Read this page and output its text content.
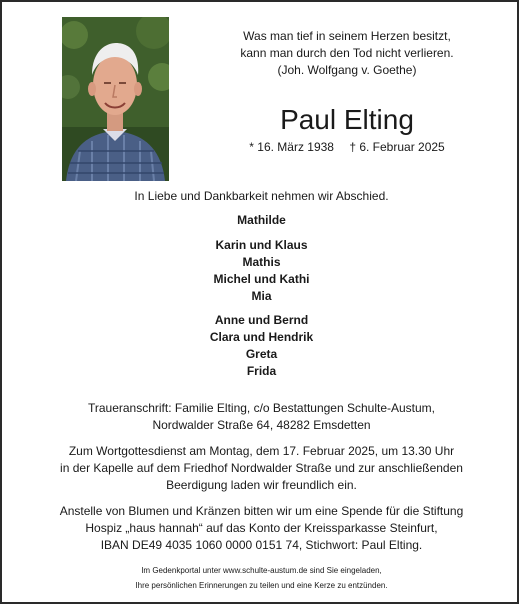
Was man tief in seinem Herzen besitzt,
kann man durch den Tod nicht verlieren.
(Joh. Wolfgang v. Goethe)
Paul Elting
* 16. März 1938 † 6. Februar 2025
In Liebe und Dankbarkeit nehmen wir Abschied.
Mathilde
Karin und Klaus
Mathis
Michel und Kathi
Mia
Anne und Bernd
Clara und Hendrik
Greta
Frida
Traueranschrift: Familie Elting, c/o Bestattungen Schulte-Austum,
Nordwalder Straße 64, 48282 Emsdetten
Zum Wortgottesdienst am Montag, dem 17. Februar 2025, um 13.30 Uhr
in der Kapelle auf dem Friedhof Nordwalder Straße und zur anschließenden
Beerdigung laden wir freundlich ein.
Anstelle von Blumen und Kränzen bitten wir um eine Spende für die Stiftung
Hospiz „haus hannah“ auf das Konto der Kreissparkasse Steinfurt,
IBAN DE49 4035 1060 0000 0151 74, Stichwort: Paul Elting.
Im Gedenkportal unter www.schulte-austum.de sind Sie eingeladen,
Ihre persönlichen Erinnerungen zu teilen und eine Kerze zu entzünden.
